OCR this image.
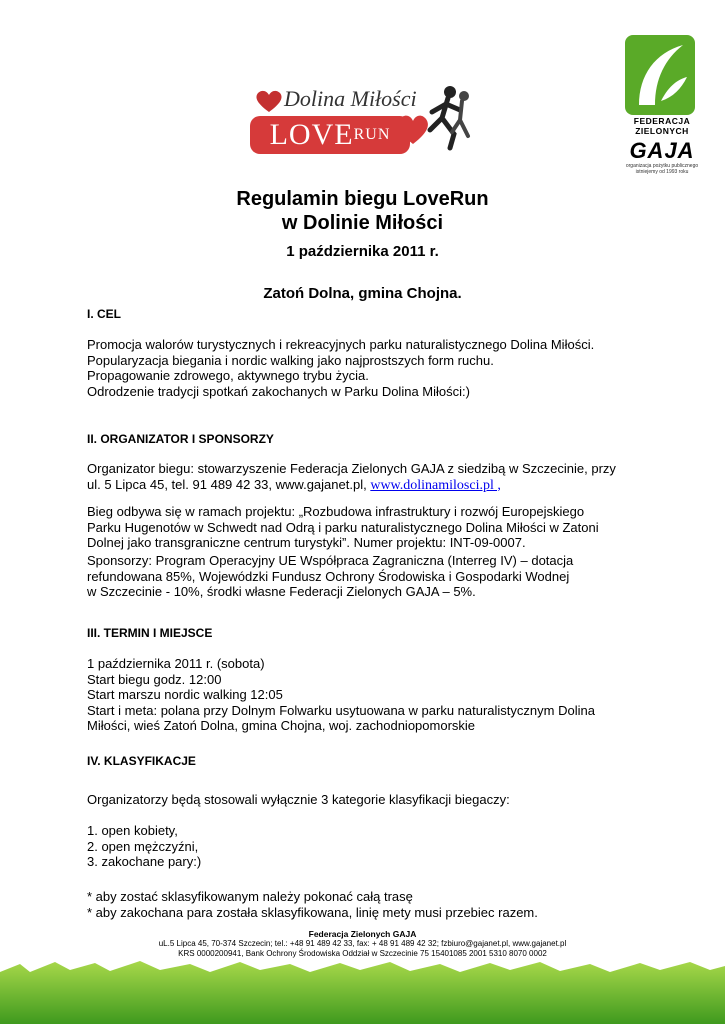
Dolina Miłości
$LOVE^{RUN}$
FEDERACJA
ZIELONYCH
GAJA
organizacja pożytku publicznego istniejemy od 1993 roku
Regulamin biegu LoveRun
w Dolinie Miłości
1 października 2011 r.
Zatoń Dolna, gmina Chojna.
I. CEL

Promocja walorów turystycznych i rekreacyjnych parku naturalistycznego Dolina Miłości.

Popularyzacja biegania i nordic walking jako najprostszych form ruchu.

Propagowanie zdrowego, aktywnego trybu życia.

Odrodzenie tradycji spotkań zakochanych w Parku Dolina Miłości:)

II. ORGANIZATOR I SPONSORZY

Organizator biegu: stowarzyszenie Federacja Zielonych GAJA z siedzibą w Szczecinie, przy

ul. 5 Lipca 45, tel. 91 489 42 33, www.gajanet.pl, www.dolinamilosci.pl ,

Bieg odbywa się w ramach projektu: „Rozbudowa infrastruktury i rozwój Europejskiego

Parku Hugenotów w Schwedt nad Odrą i parku naturalistycznego Dolina Miłości w Zatoni

Dolnej jako transgraniczne centrum turystyki”. Numer projektu: INT-09-0007.

Sponsorzy: Program Operacyjny UE Współpraca Zagraniczna (Interreg IV) – dotacja

refundowana 85%, Wojewódzki Fundusz Ochrony Środowiska i Gospodarki Wodnej

w Szczecinie - 10%, środki własne Federacji Zielonych GAJA – 5%.

III. TERMIN I MIEJSCE

1 października 2011 r. (sobota)

Start biegu godz. 12:00

Start marszu nordic walking 12:05

Start i meta: polana przy Dolnym Folwarku usytuowana w parku naturalistycznym Dolina

Miłości, wieś Zatoń Dolna, gmina Chojna, woj. zachodniopomorskie

IV. KLASYFIKACJE
Organizatorzy będą stosowali wyłącznie 3 kategorie klasyfikacji biegaczy:

1. open kobiety,

2. open mężczyźni,

3. zakochane pary:)

* aby zostać sklasyfikowanym należy pokonać całą trasę

* aby zakochana para została sklasyfikowana, linię mety musi przebiec razem.

Federacja Zielonych GAJA
uL.5 Lipca 45, 70-374 Szczecin; tel.: +48 91 489 42 33, fax: + 48 91 489 42 32; fzbiuro@gajanet.pl, www.gajanet.pl
KRS 0000200941, Bank Ochrony Środowiska Oddział w Szczecinie 75 15401085 2001 5310 8070 0002
